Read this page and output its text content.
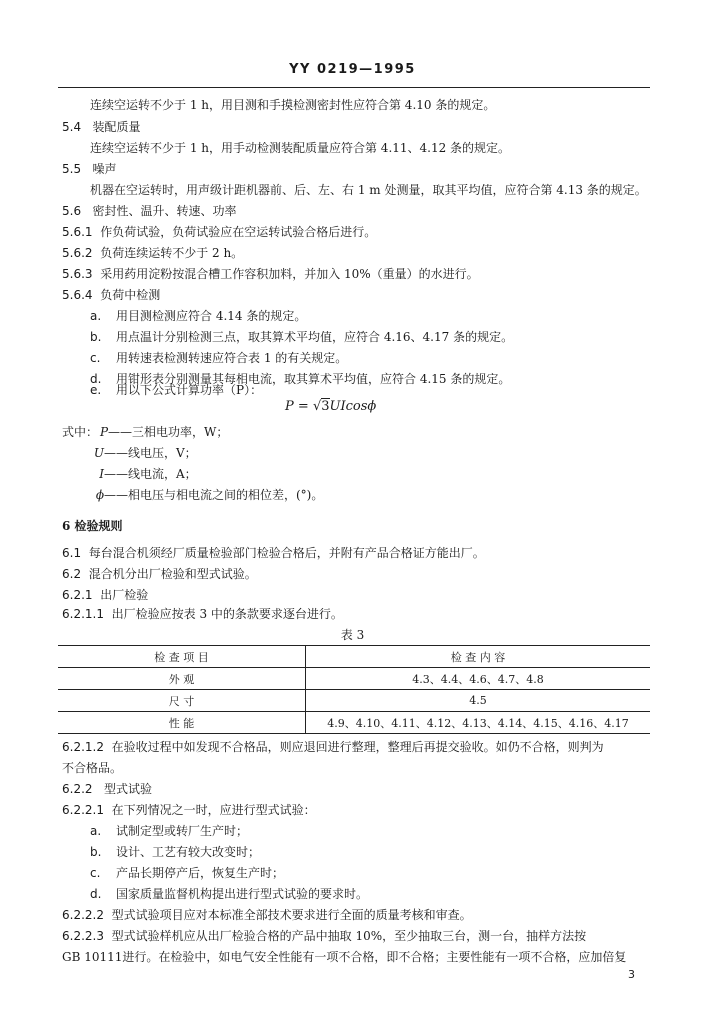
YY 0219—1995
连续空运转不少于 1 h，用目测和手摸检测密封性应符合第 4.10 条的规定。
5.4 装配质量
连续空运转不少于 1 h，用手动检测装配质量应符合第 4.11、4.12 条的规定。
5.5 噪声
机器在空运转时，用声级计距机器前、后、左、右 1 m 处测量，取其平均值，应符合第 4.13 条的规定。
5.6 密封性、温升、转速、功率
5.6.1 作负荷试验，负荷试验应在空运转试验合格后进行。
5.6.2 负荷连续运转不少于 2 h。
5.6.3 采用药用淀粉按混合槽工作容积加料，并加入 10%（重量）的水进行。
5.6.4 负荷中检测
a. 用目测检测应符合 4.14 条的规定。
b. 用点温计分别检测三点，取其算术平均值，应符合 4.16、4.17 条的规定。
c. 用转速表检测转速应符合表 1 的有关规定。
d. 用钳形表分别测量其每相电流，取其算术平均值，应符合 4.15 条的规定。
e. 用以下公式计算功率（P）：
P = √3UIcosϕ
式中： P——三相电功率，W；
U——线电压，V；
I——线电流，A；
ϕ——相电压与相电流之间的相位差，(°)。
6 检验规则
6.1 每台混合机须经厂质量检验部门检验合格后，并附有产品合格证方能出厂。
6.2 混合机分出厂检验和型式试验。
6.2.1 出厂检验
6.2.1.1 出厂检验应按表 3 中的条款要求逐台进行。
表 3
检 查 项 目	检 查 内 容
外 观	4.3、4.4、4.6、4.7、4.8
尺 寸	4.5
性 能	4.9、4.10、4.11、4.12、4.13、4.14、4.15、4.16、4.17
6.2.1.2 在验收过程中如发现不合格品，则应退回进行整理，整理后再提交验收。如仍不合格，则判为
不合格品。
6.2.2 型式试验
6.2.2.1 在下列情况之一时，应进行型式试验：
a. 试制定型或转厂生产时；
b. 设计、工艺有较大改变时；
c. 产品长期停产后，恢复生产时；
d. 国家质量监督机构提出进行型式试验的要求时。
6.2.2.2 型式试验项目应对本标准全部技术要求进行全面的质量考核和审查。
6.2.2.3 型式试验样机应从出厂检验合格的产品中抽取 10%，至少抽取三台，测一台，抽样方法按
GB 10111进行。在检验中，如电气安全性能有一项不合格，即不合格；主要性能有一项不合格，应加倍复
3
